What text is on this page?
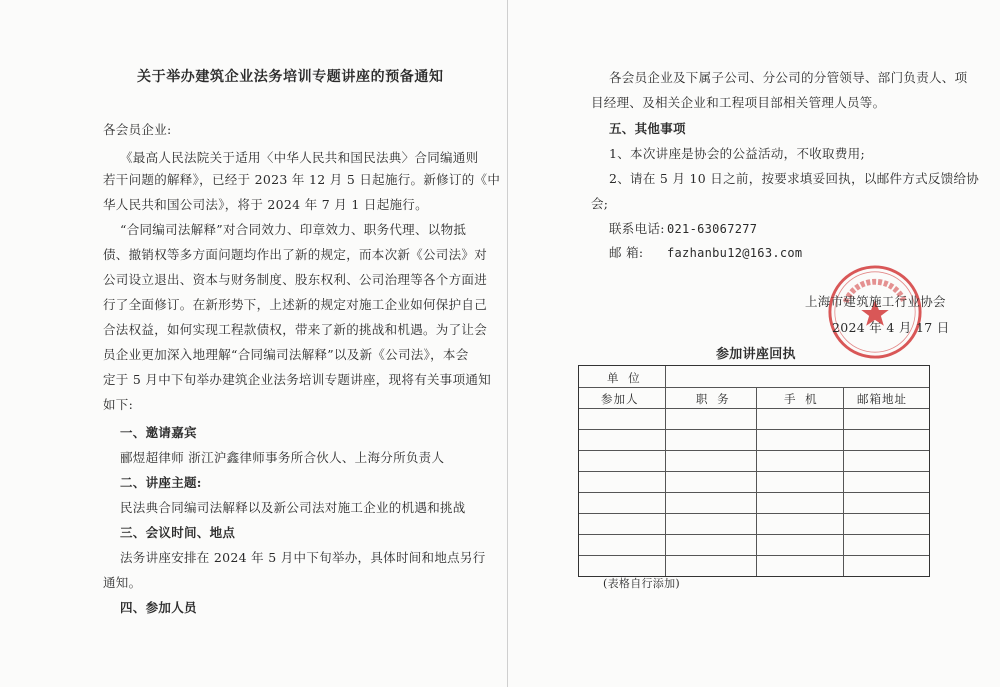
关于举办建筑企业法务培训专题讲座的预备通知
各会员企业:
《最高人民法院关于适用〈中华人民共和国民法典〉合同编通则
若干问题的解释》，已经于 2023 年 12 月 5 日起施行。新修订的《中
华人民共和国公司法》，将于 2024 年 7 月 1 日起施行。
“合同编司法解释”对合同效力、印章效力、职务代理、以物抵
债、撤销权等多方面问题均作出了新的规定，而本次新《公司法》对
公司设立退出、资本与财务制度、股东权利、公司治理等各个方面进
行了全面修订。在新形势下，上述新的规定对施工企业如何保护自己
合法权益，如何实现工程款债权，带来了新的挑战和机遇。为了让会
员企业更加深入地理解“合同编司法解释”以及新《公司法》，本会
定于 5 月中下旬举办建筑企业法务培训专题讲座，现将有关事项通知
如下:
一、邀请嘉宾
郦煜超律师 浙江沪鑫律师事务所合伙人、上海分所负责人
二、讲座主题:
民法典合同编司法解释以及新公司法对施工企业的机遇和挑战
三、会议时间、地点
法务讲座安排在 2024 年 5 月中下旬举办，具体时间和地点另行
通知。
四、参加人员
各会员企业及下属子公司、分公司的分管领导、部门负责人、项
目经理、及相关企业和工程项目部相关管理人员等。
五、其他事项
1、本次讲座是协会的公益活动，不收取费用;
2、请在 5 月 10 日之前，按要求填妥回执，以邮件方式反馈给协
会;
联系电话: 021-63067277
邮 箱: fazhanbu12@163.com
上海市建筑施工行业协会
2024 年 4 月 17 日
参加讲座回执
单 位
参加人	职 务	手 机	邮箱地址
(表格自行添加)
